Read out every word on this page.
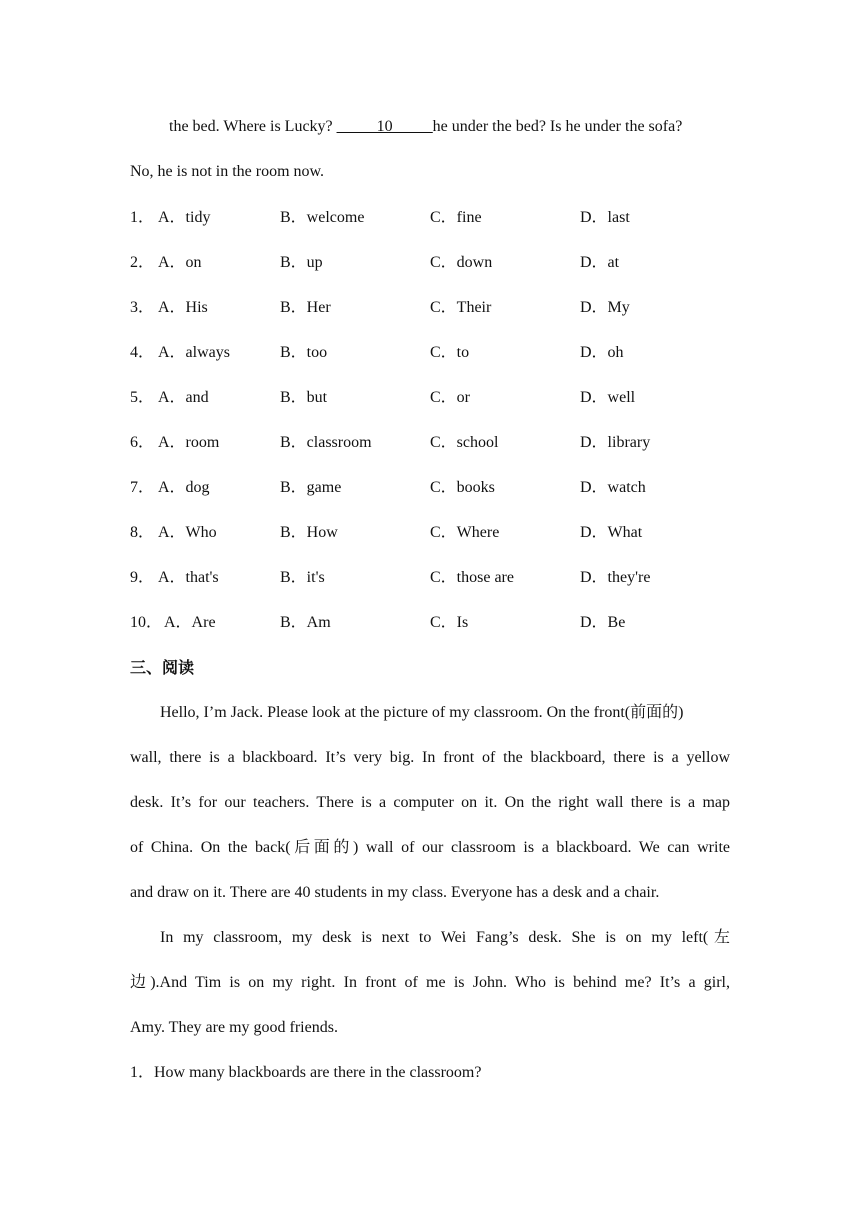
the bed. Where is Lucky? _____10_____he under the bed? Is he under the sofa?
No, he is not in the room now.
1． A．tidy	B．welcome	C．fine	D．last
2． A．on	B．up	C．down	D．at
3． A．His	B．Her	C．Their	D．My
4． A．always	B．too	C．to	D．oh
5． A．and	B．but	C．or	D．well
6． A．room	B．classroom	C．school	D．library
7． A．dog	B．game	C．books	D．watch
8． A．Who	B．How	C．Where	D．What
9． A．that's	B．it's	C．those are	D．they're
10． A．Are	B．Am	C．Is	D．Be
三、阅读
Hello, I’m Jack. Please look at the picture of my classroom. On the front(前面的)
wall, there is a blackboard. It’s very big. In front of the blackboard, there is a yellow
desk. It’s for our teachers. There is a computer on it. On the right wall there is a map
of China. On the back(后面的) wall of our classroom is a blackboard. We can write
and draw on it. There are 40 students in my class. Everyone has a desk and a chair.
In my classroom, my desk is next to Wei Fang’s desk. She is on my left(左
边).And Tim is on my right. In front of me is John. Who is behind me? It’s a girl,
Amy. They are my good friends.
1．How many blackboards are there in the classroom?
